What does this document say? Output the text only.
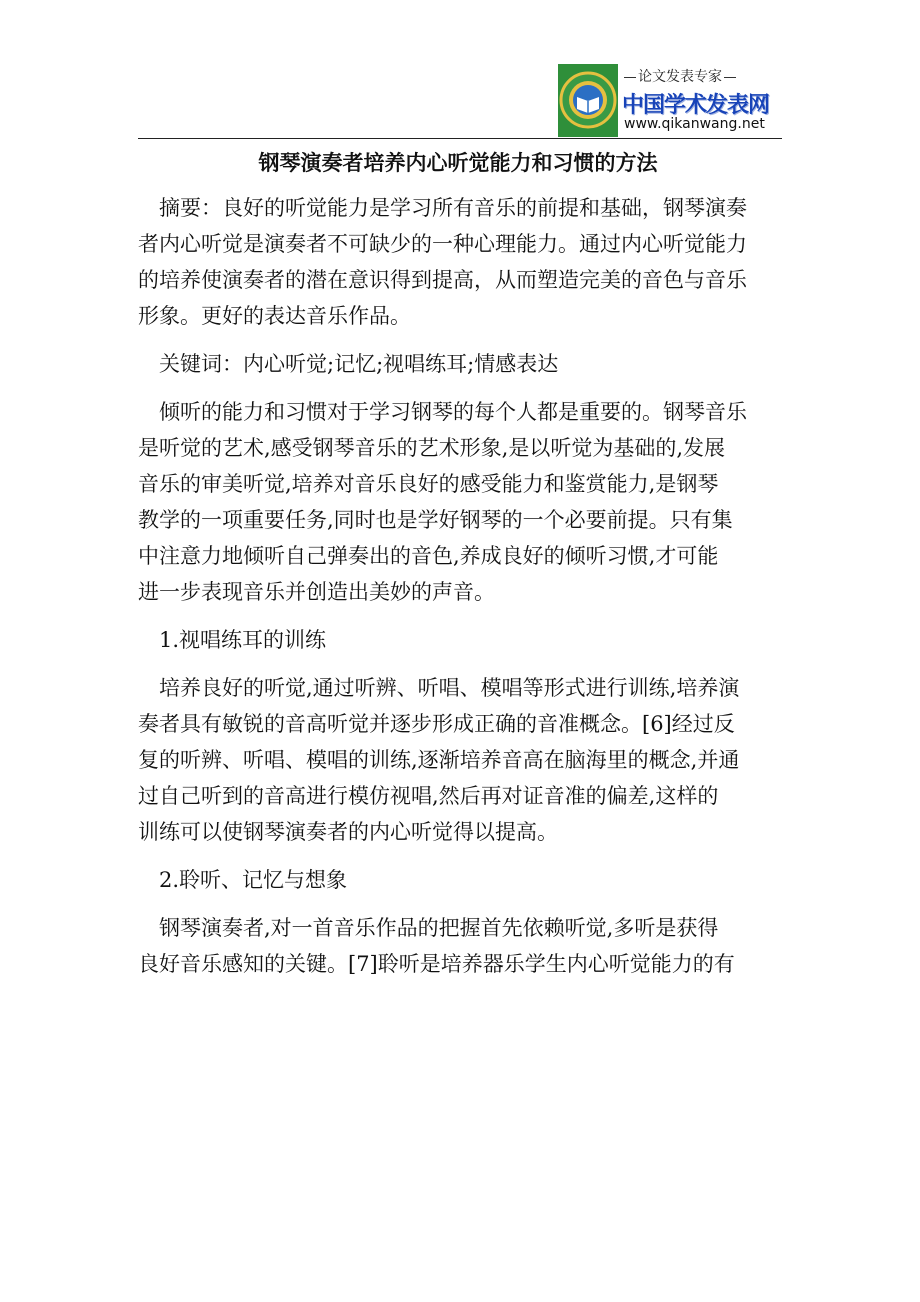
论文发表专家
中国学术发表网
www.qikanwang.net
钢琴演奏者培养内心听觉能力和习惯的方法
摘要：良好的听觉能力是学习所有音乐的前提和基础，钢琴演奏
者内心听觉是演奏者不可缺少的一种心理能力。通过内心听觉能力
的培养使演奏者的潜在意识得到提高，从而塑造完美的音色与音乐
形象。更好的表达音乐作品。
关键词：内心听觉;记忆;视唱练耳;情感表达
倾听的能力和习惯对于学习钢琴的每个人都是重要的。钢琴音乐
是听觉的艺术,感受钢琴音乐的艺术形象,是以听觉为基础的,发展
音乐的审美听觉,培养对音乐良好的感受能力和鉴赏能力,是钢琴
教学的一项重要任务,同时也是学好钢琴的一个必要前提。只有集
中注意力地倾听自己弹奏出的音色,养成良好的倾听习惯,才可能
进一步表现音乐并创造出美妙的声音。
1.视唱练耳的训练
培养良好的听觉,通过听辨、听唱、模唱等形式进行训练,培养演
奏者具有敏锐的音高听觉并逐步形成正确的音准概念。[6]经过反
复的听辨、听唱、模唱的训练,逐渐培养音高在脑海里的概念,并通
过自己听到的音高进行模仿视唱,然后再对证音准的偏差,这样的
训练可以使钢琴演奏者的内心听觉得以提高。
2.聆听、记忆与想象
钢琴演奏者,对一首音乐作品的把握首先依赖听觉,多听是获得
良好音乐感知的关键。[7]聆听是培养器乐学生内心听觉能力的有
